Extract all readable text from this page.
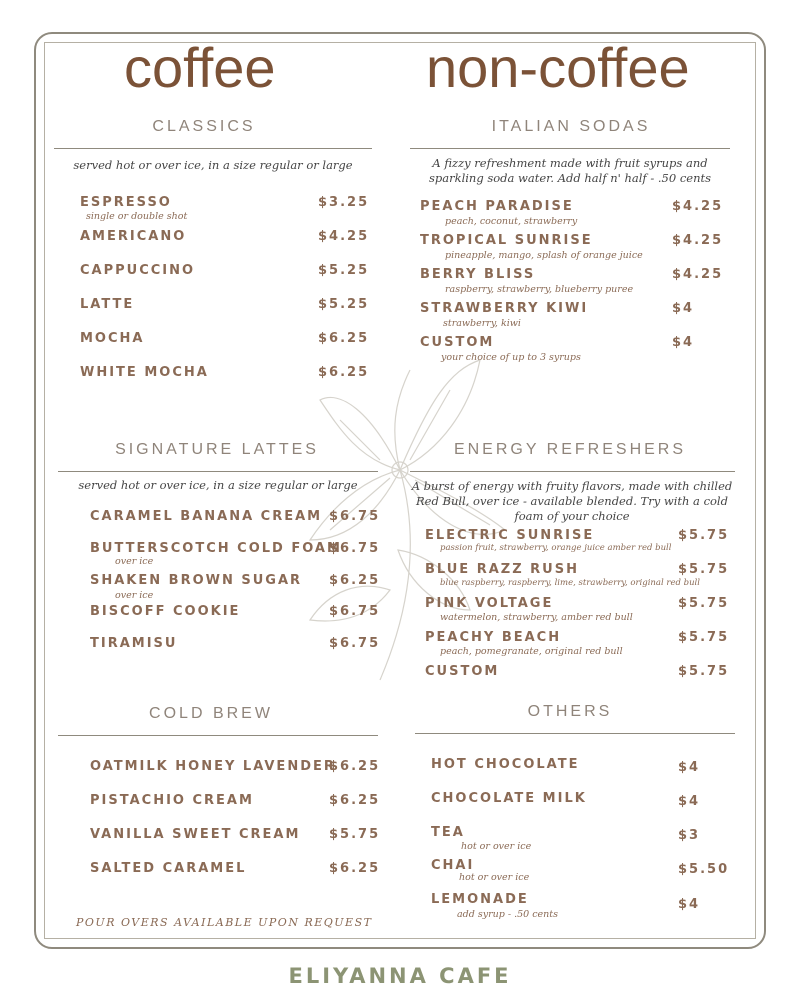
coffee	non-coffee
CLASSICS
served hot or over ice, in a size regular or large
ESPRESSO	$3.25
single or double shot
AMERICANO	$4.25
CAPPUCCINO	$5.25
LATTE	$5.25
MOCHA	$6.25
WHITE MOCHA	$6.25
ITALIAN SODAS
A fizzy refreshment made with fruit syrups and sparkling soda water. Add half n' half - .50 cents
PEACH PARADISE	$4.25
peach, coconut, strawberry
TROPICAL SUNRISE	$4.25
pineapple, mango, splash of orange juice
BERRY BLISS	$4.25
raspberry, strawberry, blueberry puree
STRAWBERRY KIWI	$4
strawberry, kiwi
CUSTOM	$4
your choice of up to 3 syrups
SIGNATURE LATTES
served hot or over ice, in a size regular or large
CARAMEL BANANA CREAM $6.75
BUTTERSCOTCH COLD FOAM
$6.75
over ice
SHAKEN BROWN SUGAR $6.25
over ice
BISCOFF COOKIE	$6.75
TIRAMISU	$6.75
ENERGY REFRESHERS
A burst of energy with fruity flavors, made with chilled Red Bull, over ice - available blended. Try with a cold foam of your choice
ELECTRIC SUNRISE	$5.75
passion fruit, strawberry, orange juice amber red bull
BLUE RAZZ RUSH	$5.75
blue raspberry, raspberry, lime, strawberry, original red bull
PINK VOLTAGE	$5.75
watermelon, strawberry, amber red bull
PEACHY BEACH	$5.75
peach, pomegranate, original red bull
CUSTOM	$5.75
COLD BREW
OATMILK HONEY LAVENDER
$6.25
PISTACHIO CREAM	$6.25
VANILLA SWEET CREAM $5.75
SALTED CARAMEL	$6.25
OTHERS
HOT CHOCOLATE	$4
CHOCOLATE MILK	$4
TEA	$3
hot or over ice
CHAI	$5.50
hot or over ice
LEMONADE	$4
add syrup - .50 cents
POUR OVERS AVAILABLE UPON REQUEST
ELIYANNA CAFE
